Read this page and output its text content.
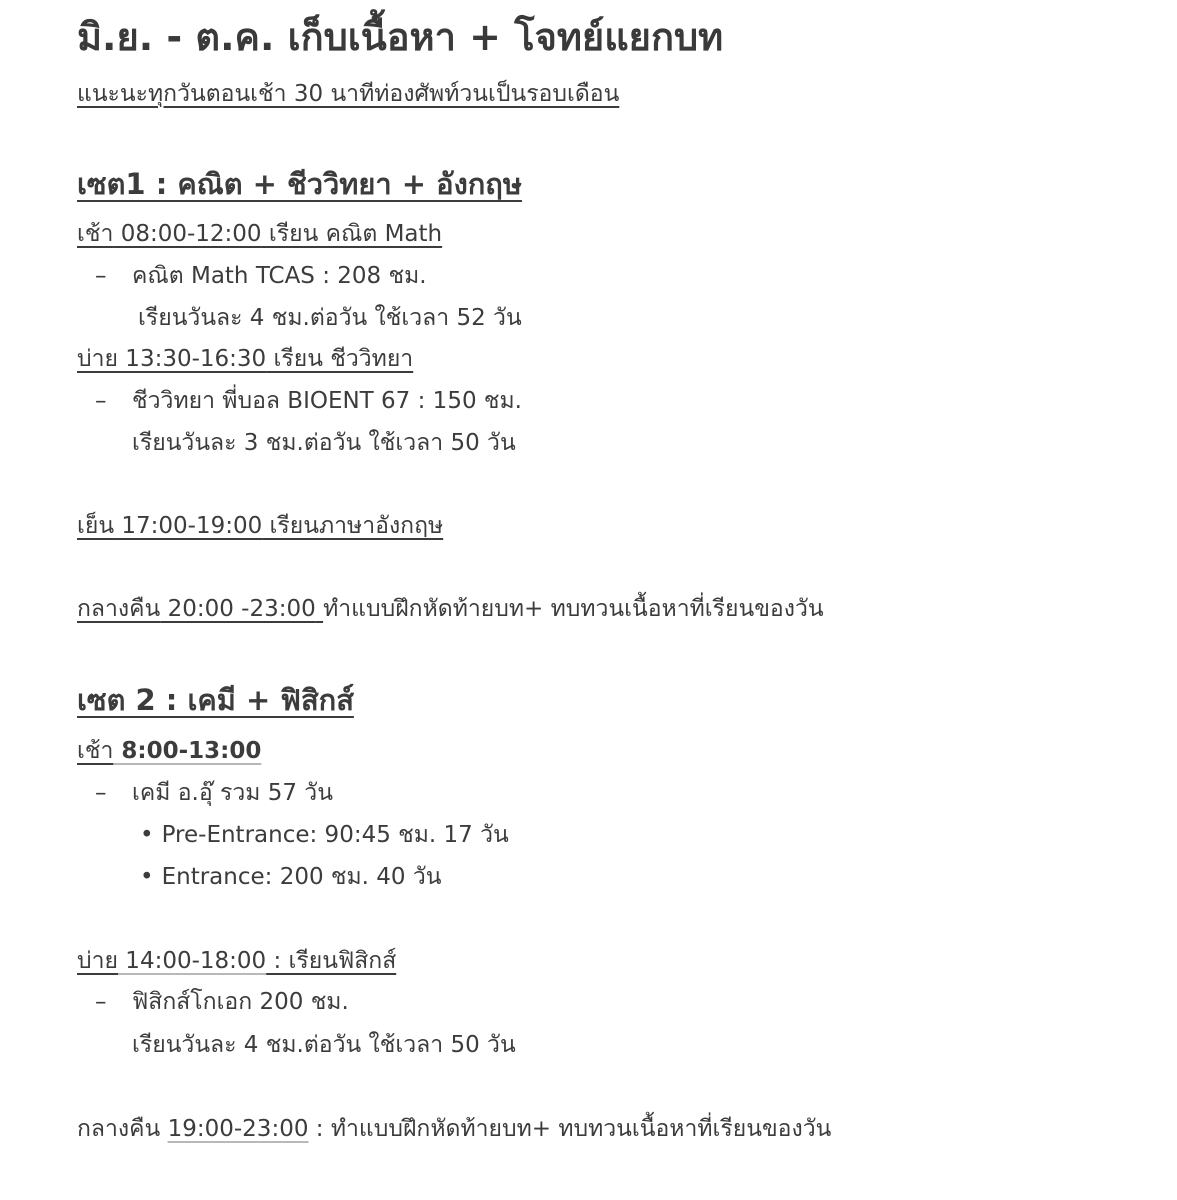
มิ.ย. - ต.ค. เก็บเนื้อหา + โจทย์แยกบท
แนะนะทุกวันตอนเช้า 30 นาทีท่องศัพท์วนเป็นรอบเดือน
เซต1 : คณิต + ชีววิทยา + อังกฤษ
เช้า 08:00-12:00 เรียน คณิต Math
– คณิต Math TCAS : 208 ชม.
เรียนวันละ 4 ชม.ต่อวัน ใช้เวลา 52 วัน
บ่าย 13:30-16:30 เรียน ชีววิทยา
– ชีววิทยา พี่บอล BIOENT 67 : 150 ชม.
เรียนวันละ 3 ชม.ต่อวัน ใช้เวลา 50 วัน
เย็น 17:00-19:00 เรียนภาษาอังกฤษ
กลางคืน 20:00 -23:00 ทำแบบฝึกหัดท้ายบท+ ทบทวนเนื้อหาที่เรียนของวัน
เซต 2 : เคมี + ฟิสิกส์
เช้า 8:00-13:00
– เคมี อ.อุ๊ รวม 57 วัน
• Pre-Entrance: 90:45 ชม. 17 วัน
• Entrance: 200 ชม. 40 วัน
บ่าย 14:00-18:00 : เรียนฟิสิกส์
– ฟิสิกส์โกเอก 200 ชม.
เรียนวันละ 4 ชม.ต่อวัน ใช้เวลา 50 วัน
กลางคืน 19:00-23:00 : ทำแบบฝึกหัดท้ายบท+ ทบทวนเนื้อหาที่เรียนของวัน
